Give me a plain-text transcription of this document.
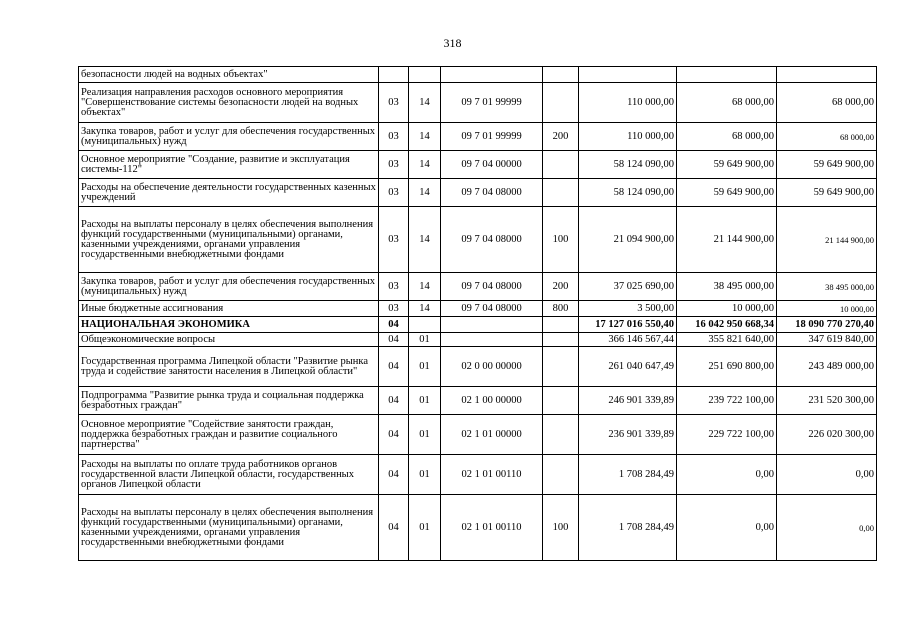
318
безопасности людей на водных объектах"							
Реализация направления расходов основного мероприятия "Совершенствование системы безопасности людей на водных объектах"	03	14	09 7 01 99999		110 000,00	68 000,00	68 000,00
Закупка товаров, работ и услуг для обеспечения государственных (муниципальных) нужд	03	14	09 7 01 99999	200	110 000,00	68 000,00	68 000,00
Основное мероприятие "Создание, развитие и эксплуатация системы-112"	03	14	09 7 04 00000		58 124 090,00	59 649 900,00	59 649 900,00
Расходы на обеспечение деятельности государственных казенных учреждений	03	14	09 7 04 08000		58 124 090,00	59 649 900,00	59 649 900,00
Расходы на выплаты персоналу в целях обеспечения выполнения функций государственными (муниципальными) органами, казенными учреждениями, органами управления государственными внебюджетными фондами	03	14	09 7 04 08000	100	21 094 900,00	21 144 900,00	21 144 900,00
Закупка товаров, работ и услуг для обеспечения государственных (муниципальных) нужд	03	14	09 7 04 08000	200	37 025 690,00	38 495 000,00	38 495 000,00
Иные бюджетные ассигнования	03	14	09 7 04 08000	800	3 500,00	10 000,00	10 000,00
НАЦИОНАЛЬНАЯ ЭКОНОМИКА	04				17 127 016 550,40	16 042 950 668,34	18 090 770 270,40
Общеэкономические вопросы	04	01			366 146 567,44	355 821 640,00	347 619 840,00
Государственная программа Липецкой области "Развитие рынка труда и содействие занятости населения в Липецкой области"	04	01	02 0 00 00000		261 040 647,49	251 690 800,00	243 489 000,00
Подпрограмма "Развитие рынка труда и социальная поддержка безработных граждан"	04	01	02 1 00 00000		246 901 339,89	239 722 100,00	231 520 300,00
Основное мероприятие "Содействие занятости граждан, поддержка безработных граждан и развитие социального партнерства"	04	01	02 1 01 00000		236 901 339,89	229 722 100,00	226 020 300,00
Расходы на выплаты по оплате труда работников органов государственной власти Липецкой области, государственных органов Липецкой области	04	01	02 1 01 00110		1 708 284,49	0,00	0,00
Расходы на выплаты персоналу в целях обеспечения выполнения функций государственными (муниципальными) органами, казенными учреждениями, органами управления государственными внебюджетными фондами	04	01	02 1 01 00110	100	1 708 284,49	0,00	0,00
